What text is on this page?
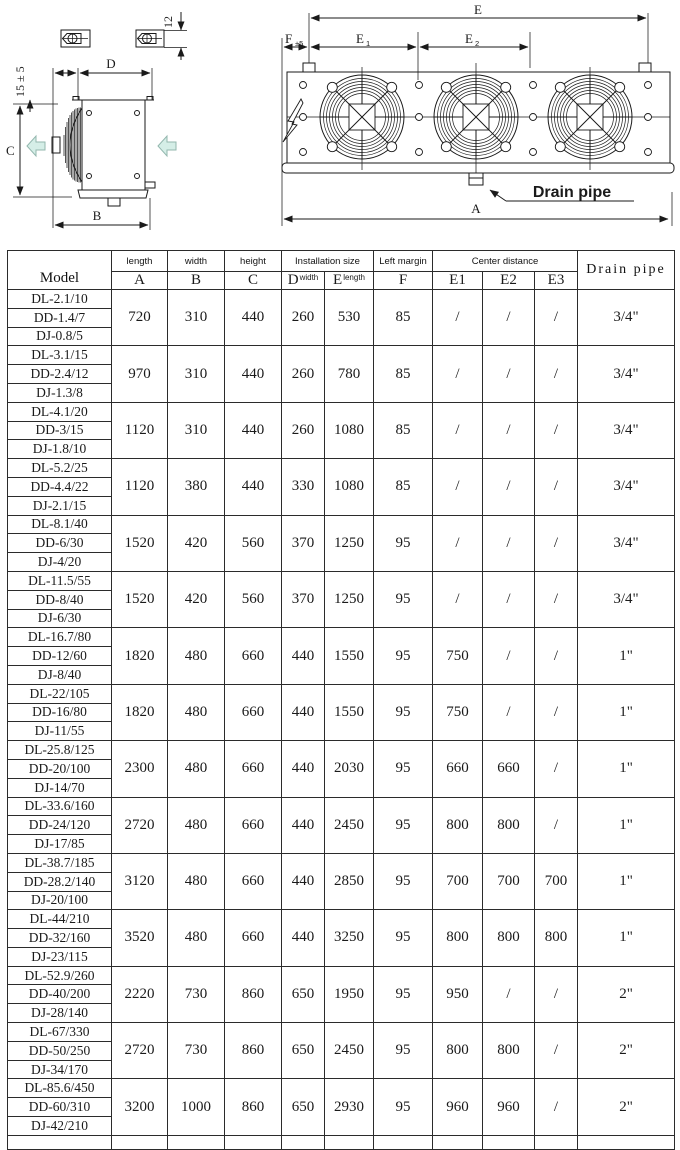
12
D
15 ± 5
C
B
E
F ±5	E 1	E 2
Drain pipe
A
Model	length	width	height	Installation size		Left margin	Center distance			Drain pipe
	A	B	C	$D^{width}$	$E^{length}$	F	E1	E2	E3	
DL-2.1/10	720	310	440	260	530	85	/	/	/	3/4"
DD-1.4/7										
DJ-0.8/5										
DL-3.1/15	970	310	440	260	780	85	/	/	/	3/4"
DD-2.4/12										
DJ-1.3/8										
DL-4.1/20	1120	310	440	260	1080	85	/	/	/	3/4"
DD-3/15										
DJ-1.8/10										
DL-5.2/25	1120	380	440	330	1080	85	/	/	/	3/4"
DD-4.4/22										
DJ-2.1/15										
DL-8.1/40	1520	420	560	370	1250	95	/	/	/	3/4"
DD-6/30										
DJ-4/20										
DL-11.5/55	1520	420	560	370	1250	95	/	/	/	3/4"
DD-8/40										
DJ-6/30										
DL-16.7/80	1820	480	660	440	1550	95	750	/	/	1"
DD-12/60										
DJ-8/40										
DL-22/105	1820	480	660	440	1550	95	750	/	/	1"
DD-16/80										
DJ-11/55										
DL-25.8/125	2300	480	660	440	2030	95	660	660	/	1"
DD-20/100										
DJ-14/70										
DL-33.6/160	2720	480	660	440	2450	95	800	800	/	1"
DD-24/120										
DJ-17/85										
DL-38.7/185	3120	480	660	440	2850	95	700	700	700	1"
DD-28.2/140										
DJ-20/100										
DL-44/210	3520	480	660	440	3250	95	800	800	800	1"
DD-32/160										
DJ-23/115										
DL-52.9/260	2220	730	860	650	1950	95	950	/	/	2"
DD-40/200										
DJ-28/140										
DL-67/330	2720	730	860	650	2450	95	800	800	/	2"
DD-50/250										
DJ-34/170										
DL-85.6/450	3200	1000	860	650	2930	95	960	960	/	2"
DD-60/310										
DJ-42/210										
